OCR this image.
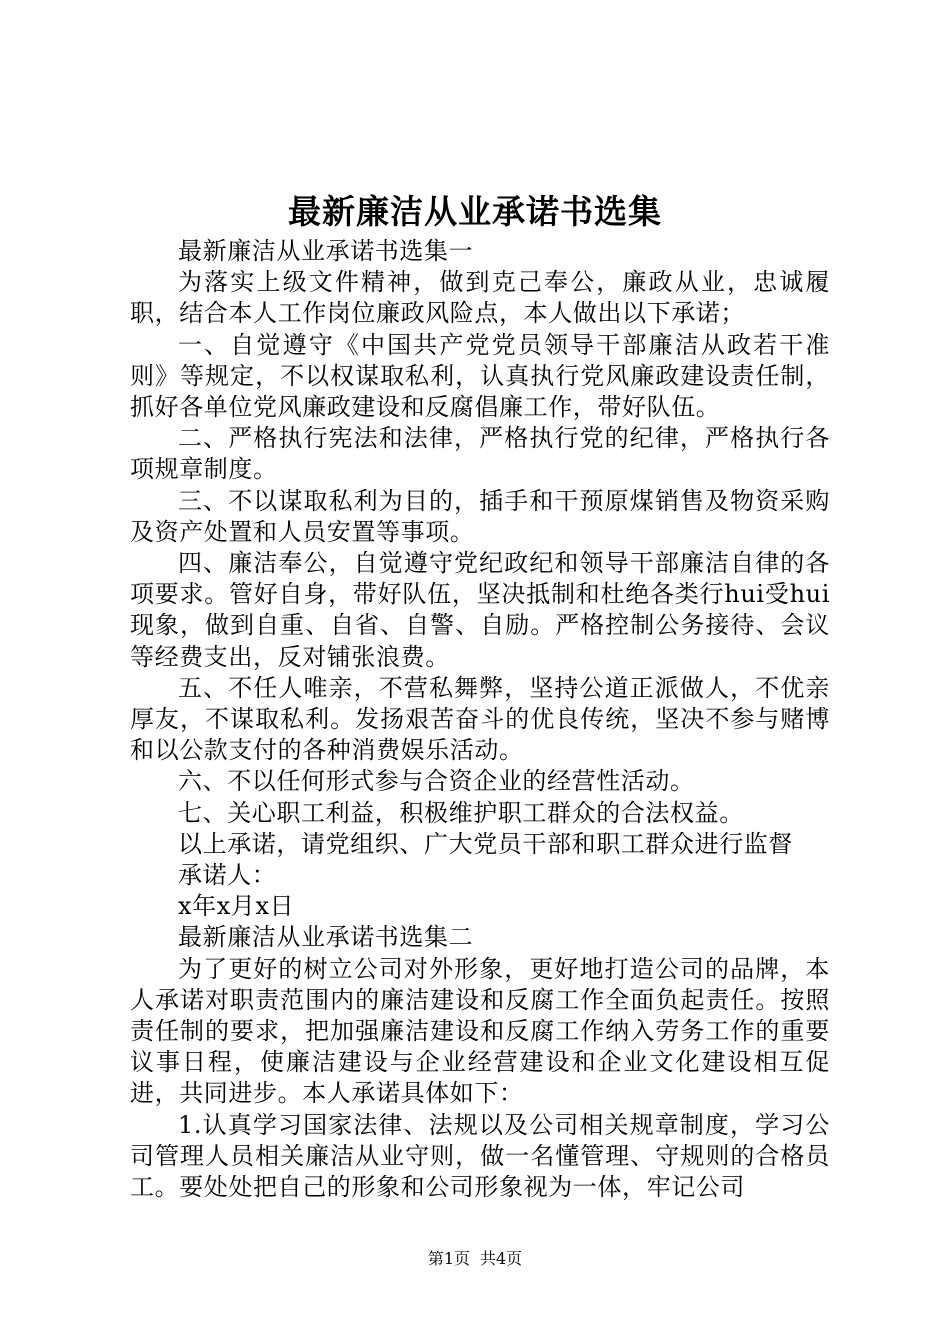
最新廉洁从业承诺书选集

最新廉洁从业承诺书选集一

为落实上级文件精神，做到克己奉公，廉政从业，忠诚履职，结合本人工作岗位廉政风险点，本人做出以下承诺；

一、自觉遵守《中国共产党党员领导干部廉洁从政若干准则》等规定，不以权谋取私利，认真执行党风廉政建设责任制，抓好各单位党风廉政建设和反腐倡廉工作，带好队伍。

二、严格执行宪法和法律，严格执行党的纪律，严格执行各项规章制度。

三、不以谋取私利为目的，插手和干预原煤销售及物资采购及资产处置和人员安置等事项。

四、廉洁奉公，自觉遵守党纪政纪和领导干部廉洁自律的各项要求。管好自身，带好队伍，坚决抵制和杜绝各类行hui受hui现象，做到自重、自省、自警、自励。严格控制公务接待、会议等经费支出，反对铺张浪费。

五、不任人唯亲，不营私舞弊，坚持公道正派做人，不优亲厚友，不谋取私利。发扬艰苦奋斗的优良传统，坚决不参与赌博和以公款支付的各种消费娱乐活动。

六、不以任何形式参与合资企业的经营性活动。

七、关心职工利益，积极维护职工群众的合法权益。

以上承诺，请党组织、广大党员干部和职工群众进行监督

承诺人：

x年x月x日

最新廉洁从业承诺书选集二

为了更好的树立公司对外形象，更好地打造公司的品牌，本人承诺对职责范围内的廉洁建设和反腐工作全面负起责任。按照责任制的要求，把加强廉洁建设和反腐工作纳入劳务工作的重要议事日程，使廉洁建设与企业经营建设和企业文化建设相互促进，共同进步。本人承诺具体如下：

1.认真学习国家法律、法规以及公司相关规章制度，学习公司管理人员相关廉洁从业守则，做一名懂管理、守规则的合格员工。要处处把自己的形象和公司形象视为一体，牢记公司

第1页 共4页
